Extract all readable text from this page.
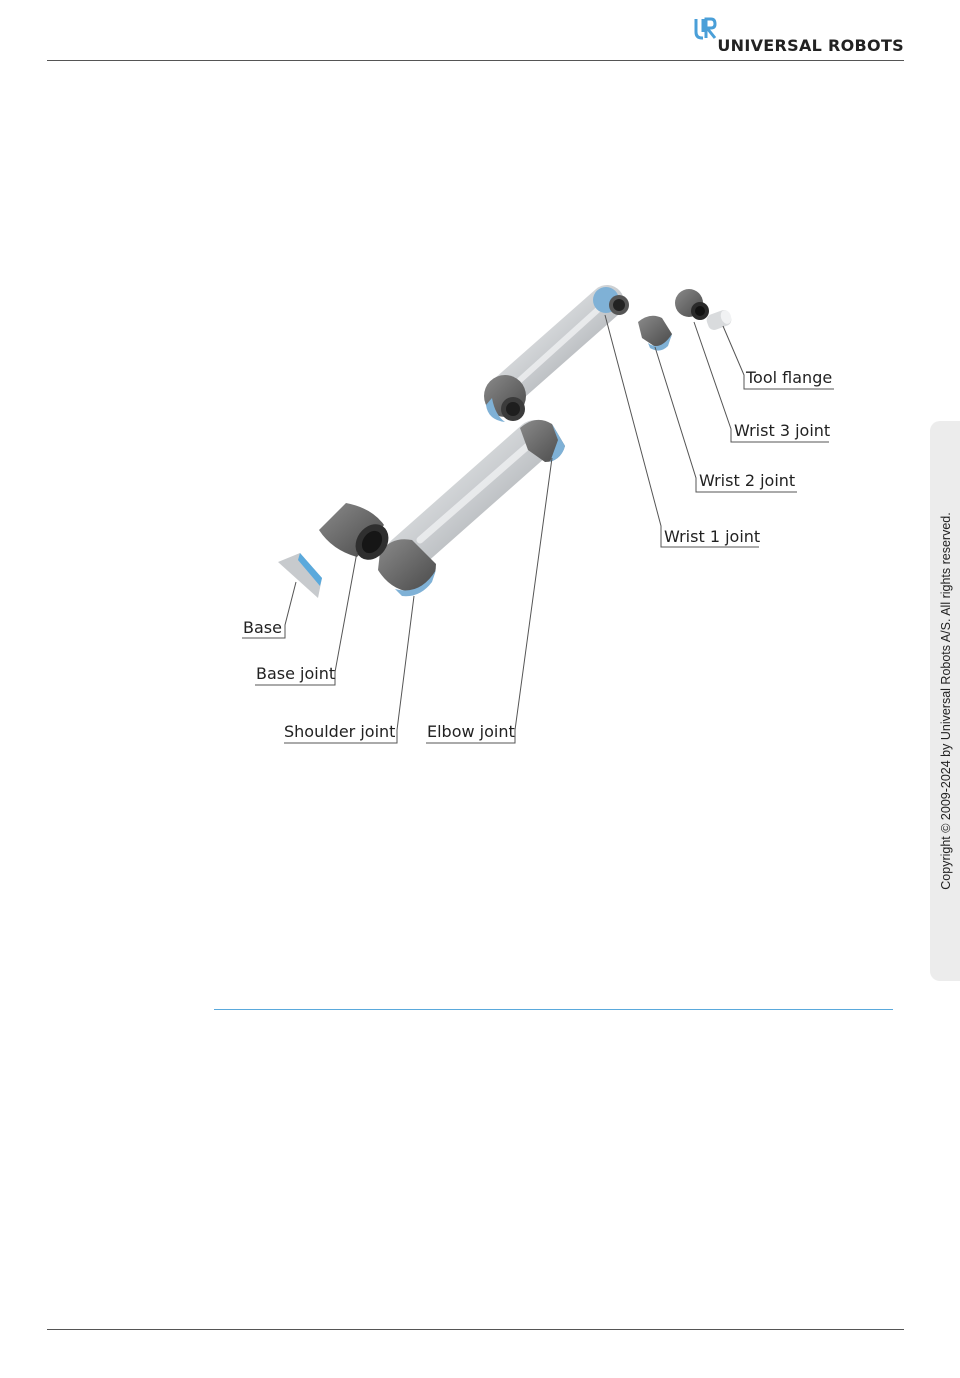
UNIVERSAL ROBOTS
Copyright © 2009-2024 by Universal Robots A/S. All rights reserved.
Tool flange
Wrist 3 joint
Wrist 2 joint
Wrist 1 joint
Base
Base joint
Shoulder joint Elbow joint
